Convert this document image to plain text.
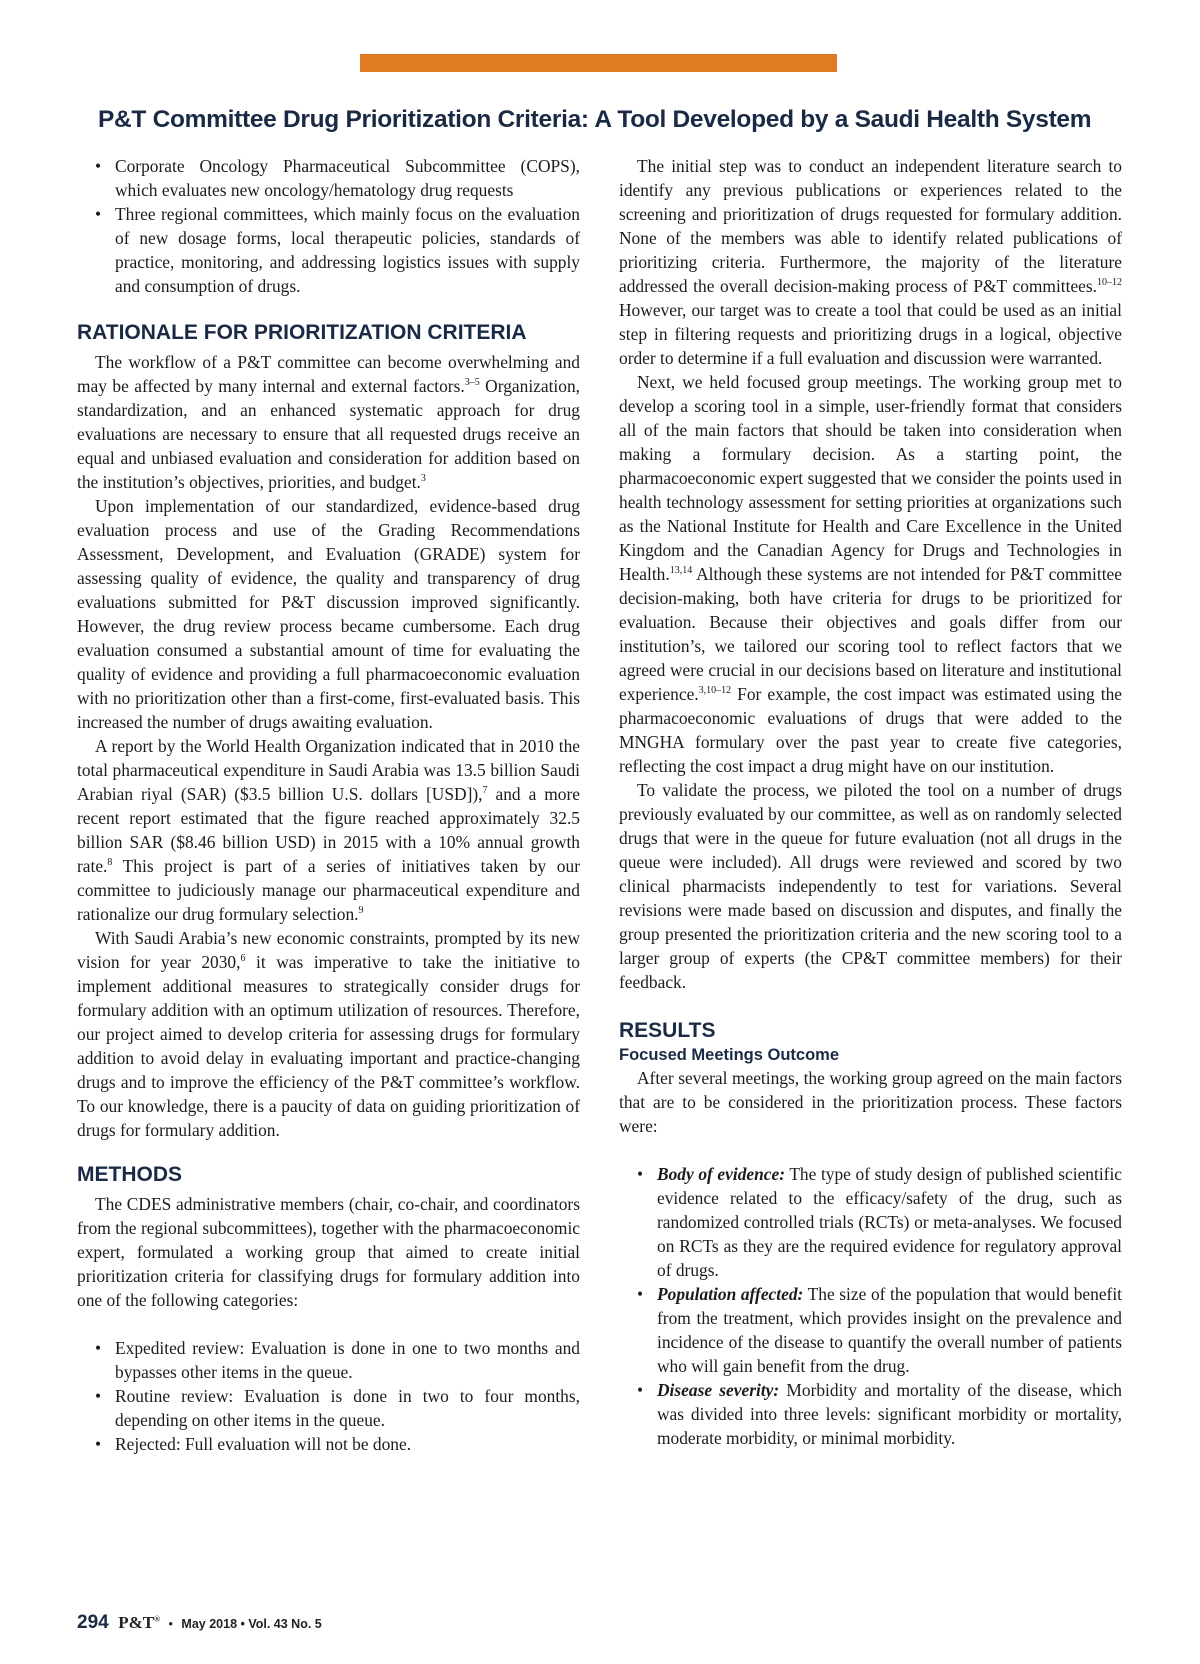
P&T Committee Drug Prioritization Criteria: A Tool Developed by a Saudi Health System
• Corporate Oncology Pharmaceutical Subcommittee (COPS), which evaluates new oncology/hematology drug requests
• Three regional committees, which mainly focus on the evaluation of new dosage forms, local therapeutic policies, standards of practice, monitoring, and addressing logistics issues with supply and consumption of drugs.
RATIONALE FOR PRIORITIZATION CRITERIA

The workflow of a P&T committee can become overwhelming and may be affected by many internal and external factors.$^{3-5}$ Organization, standardization, and an enhanced systematic approach for drug evaluations are necessary to ensure that all requested drugs receive an equal and unbiased evaluation and consideration for addition based on the institution’s objectives, priorities, and budget.$^3$

Upon implementation of our standardized, evidence-based drug evaluation process and use of the Grading Recommendations Assessment, Development, and Evaluation (GRADE) system for assessing quality of evidence, the quality and transparency of drug evaluations submitted for P&T discussion improved significantly. However, the drug review process became cumbersome. Each drug evaluation consumed a substantial amount of time for evaluating the quality of evidence and providing a full pharmacoeconomic evaluation with no prioritization other than a first-come, first-evaluated basis. This increased the number of drugs awaiting evaluation.

A report by the World Health Organization indicated that in 2010 the total pharmaceutical expenditure in Saudi Arabia was 13.5 billion Saudi Arabian riyal (SAR) ($3.5 billion U.S. dollars [USD]),$^7$ and a more recent report estimated that the figure reached approximately 32.5 billion SAR ($8.46 billion USD) in 2015 with a 10% annual growth rate.$^8$ This project is part of a series of initiatives taken by our committee to judiciously manage our pharmaceutical expenditure and rationalize our drug formulary selection.$^9$

With Saudi Arabia’s new economic constraints, prompted by its new vision for year 2030,$^6$ it was imperative to take the initiative to implement additional measures to strategically consider drugs for formulary addition with an optimum utilization of resources. Therefore, our project aimed to develop criteria for assessing drugs for formulary addition to avoid delay in evaluating important and practice-changing drugs and to improve the efficiency of the P&T committee’s workflow. To our knowledge, there is a paucity of data on guiding prioritization of drugs for formulary addition.

METHODS

The CDES administrative members (chair, co-chair, and coordinators from the regional subcommittees), together with the pharmacoeconomic expert, formulated a working group that aimed to create initial prioritization criteria for classifying drugs for formulary addition into one of the following categories:

• Expedited review: Evaluation is done in one to two months and bypasses other items in the queue.
• Routine review: Evaluation is done in two to four months, depending on other items in the queue.
• Rejected: Full evaluation will not be done.

The initial step was to conduct an independent literature search to identify any previous publications or experiences related to the screening and prioritization of drugs requested for formulary addition. None of the members was able to identify related publications of prioritizing criteria. Furthermore, the majority of the literature addressed the overall decision-making process of P&T committees.$^{10-12}$ However, our target was to create a tool that could be used as an initial step in filtering requests and prioritizing drugs in a logical, objective order to determine if a full evaluation and discussion were warranted.

Next, we held focused group meetings. The working group met to develop a scoring tool in a simple, user-friendly format that considers all of the main factors that should be taken into consideration when making a formulary decision. As a starting point, the pharmacoeconomic expert suggested that we consider the points used in health technology assessment for setting priorities at organizations such as the National Institute for Health and Care Excellence in the United Kingdom and the Canadian Agency for Drugs and Technologies in Health.$^{13,14}$ Although these systems are not intended for P&T committee decision-making, both have criteria for drugs to be prioritized for evaluation. Because their objectives and goals differ from our institution’s, we tailored our scoring tool to reflect factors that we agreed were crucial in our decisions based on literature and institutional experience.$^{3,10-12}$ For example, the cost impact was estimated using the pharmacoeconomic evaluations of drugs that were added to the MNGHA formulary over the past year to create five categories, reflecting the cost impact a drug might have on our institution.

To validate the process, we piloted the tool on a number of drugs previously evaluated by our committee, as well as on randomly selected drugs that were in the queue for future evaluation (not all drugs in the queue were included). All drugs were reviewed and scored by two clinical pharmacists independently to test for variations. Several revisions were made based on discussion and disputes, and finally the group presented the prioritization criteria and the new scoring tool to a larger group of experts (the CP&T committee members) for their feedback.

RESULTS
Focused Meetings Outcome

After several meetings, the working group agreed on the main factors that are to be considered in the prioritization process. These factors were:

• Body of evidence: The type of study design of published scientific evidence related to the efficacy/safety of the drug, such as randomized controlled trials (RCTs) or meta-analyses. We focused on RCTs as they are the required evidence for regulatory approval of drugs.
• Population affected: The size of the population that would benefit from the treatment, which provides insight on the prevalence and incidence of the disease to quantify the overall number of patients who will gain benefit from the drug.
• Disease severity: Morbidity and mortality of the disease, which was divided into three levels: significant morbidity or mortality, moderate morbidity, or minimal morbidity.
294 P&T® • May 2018 • Vol. 43 No. 5
